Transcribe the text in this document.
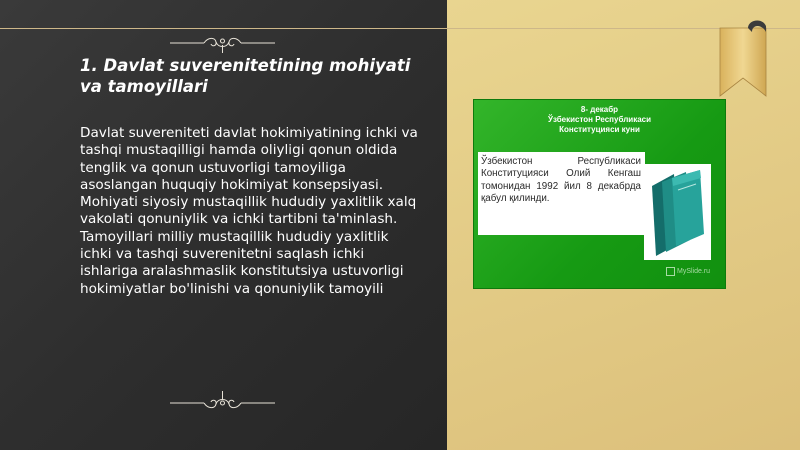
1. Davlat suverenitetining mohiyati va tamoyillari

Davlat suvereniteti davlat hokimiyatining ichki va tashqi mustaqilligi hamda oliyligi qonun oldida tenglik va qonun ustuvorligi tamoyiliga asoslangan huquqiy hokimiyat konsepsiyasi. Mohiyati siyosiy mustaqillik hududiy yaxlitlik xalq vakolati qonuniylik va ichki tartibni ta'minlash. Tamoyillari milliy mustaqillik hududiy yaxlitlik ichki va tashqi suverenitetni saqlash ichki ishlariga aralashmaslik konstitutsiya ustuvorligi hokimiyatlar bo'linishi va qonuniylik tamoyili

8- декабр
Ўзбекистон Республикаси
Конституцияси куни

Ўзбекистон Республикаси Конституцияси Олий Кенгаш томонидан 1992 йил 8 декабрда қабул қилинди.

MySlide.ru
